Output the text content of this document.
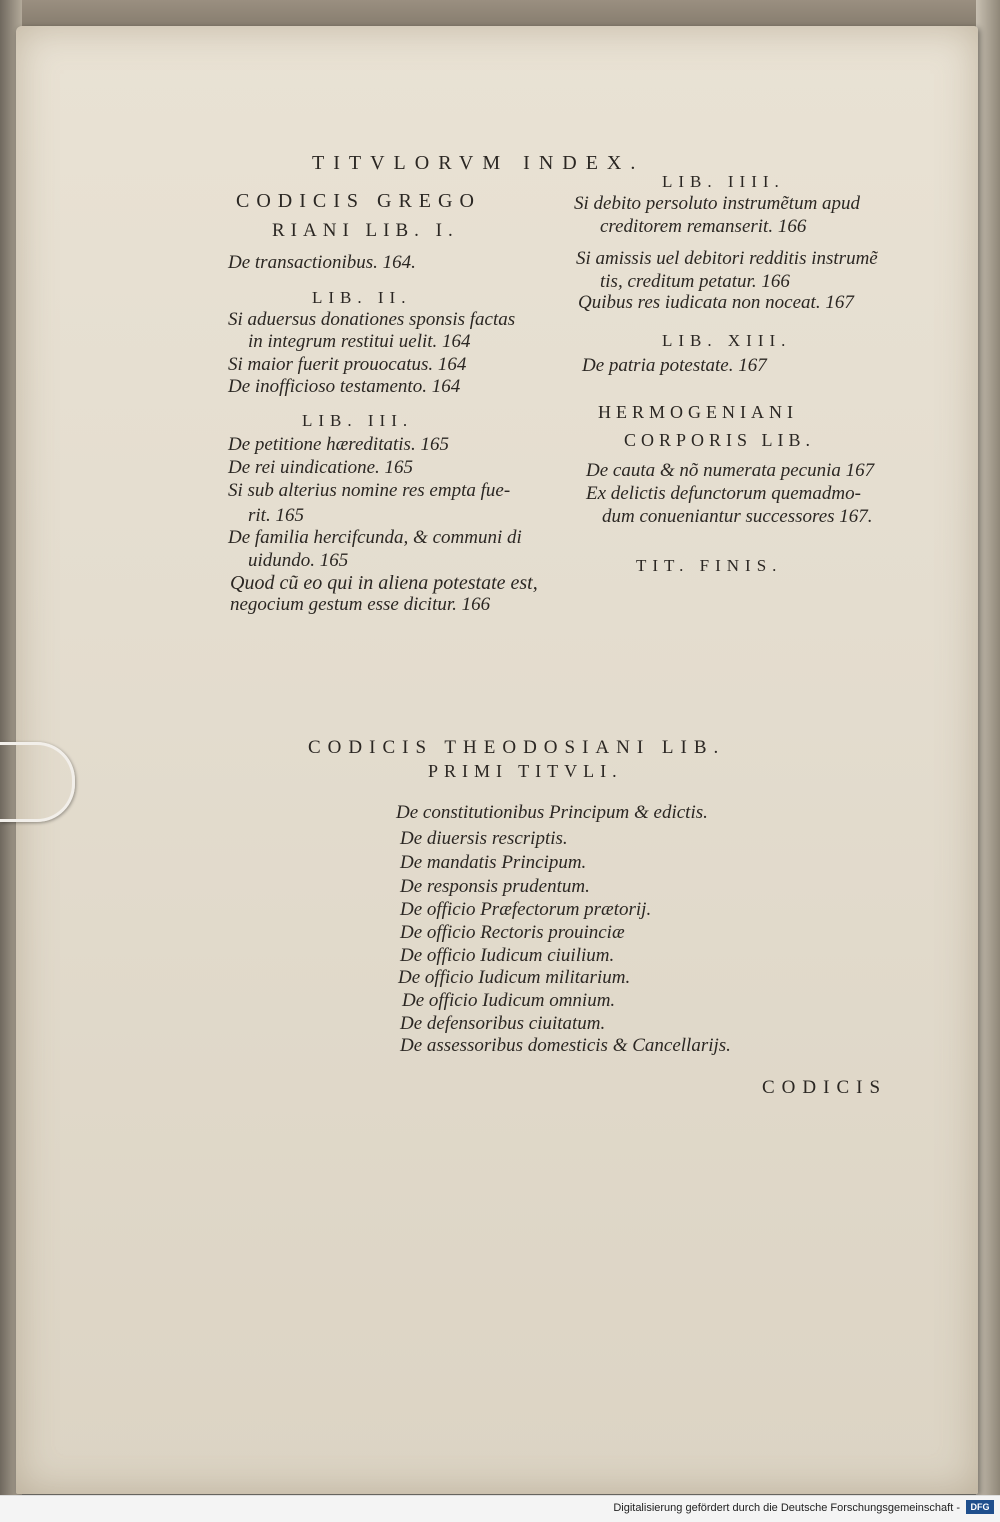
TITVLORVM INDEX.
CODICIS GREGO
RIANI LIB. I.
De transactionibus. 164.
LIB. II.
Si aduersus donationes sponsis factas
in integrum restitui uelit. 164
Si maior fuerit prouocatus. 164
De inofficioso testamento. 164
LIB. III.
De petitione hæreditatis. 165
De rei uindicatione. 165
Si sub alterius nomine res empta fue-
rit. 165
De familia hercifcunda, & communi di
uidundo. 165
Quod cũ eo qui in aliena potestate est,
negocium gestum esse dicitur. 166
LIB. IIII.
Si debito persoluto instrumẽtum apud
creditorem remanserit. 166
Si amissis uel debitori redditis instrumẽ
tis, creditum petatur. 166
Quibus res iudicata non noceat. 167
LIB. XIII.
De patria potestate. 167
HERMOGENIANI
CORPORIS LIB.
De cauta & nõ numerata pecunia 167
Ex delictis defunctorum quemadmo-
dum conueniantur successores 167.
TIT. FINIS.
CODICIS THEODOSIANI LIB.
PRIMI TITVLI.
De constitutionibus Principum & edictis.
De diuersis rescriptis.
De mandatis Principum.
De responsis prudentum.
De officio Præfectorum prætorij.
De officio Rectoris prouinciæ
De officio Iudicum ciuilium.
De officio Iudicum militarium.
De officio Iudicum omnium.
De defensoribus ciuitatum.
De assessoribus domesticis & Cancellarijs.
CODICIS
Digitalisierung gefördert durch die Deutsche Forschungsgemeinschaft -	DFG
